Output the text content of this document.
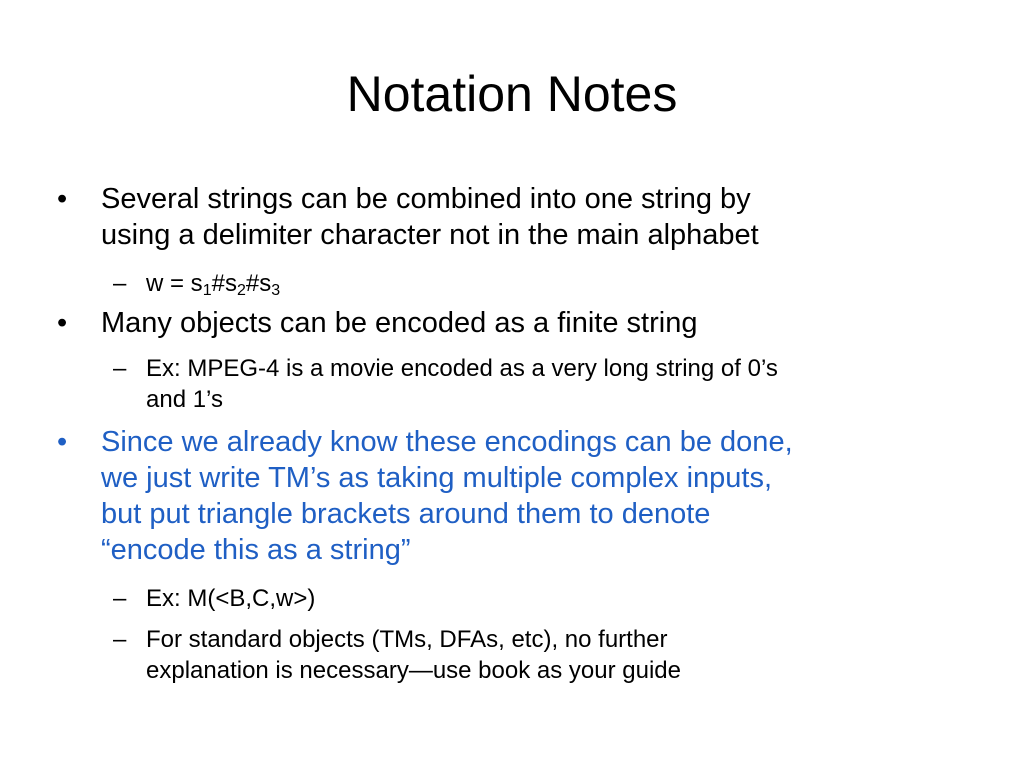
Notation Notes
• Several strings can be combined into one string by
using a delimiter character not in the main alphabet
– $w = s_1\#s_2\#s_3$
• Many objects can be encoded as a finite string
– Ex: MPEG-4 is a movie encoded as a very long string of 0’s
and 1’s
• Since we already know these encodings can be done,
we just write TM’s as taking multiple complex inputs,
but put triangle brackets around them to denote
“encode this as a string”
– Ex: M(<B,C,w>)
– For standard objects (TMs, DFAs, etc), no further
explanation is necessary—use book as your guide
